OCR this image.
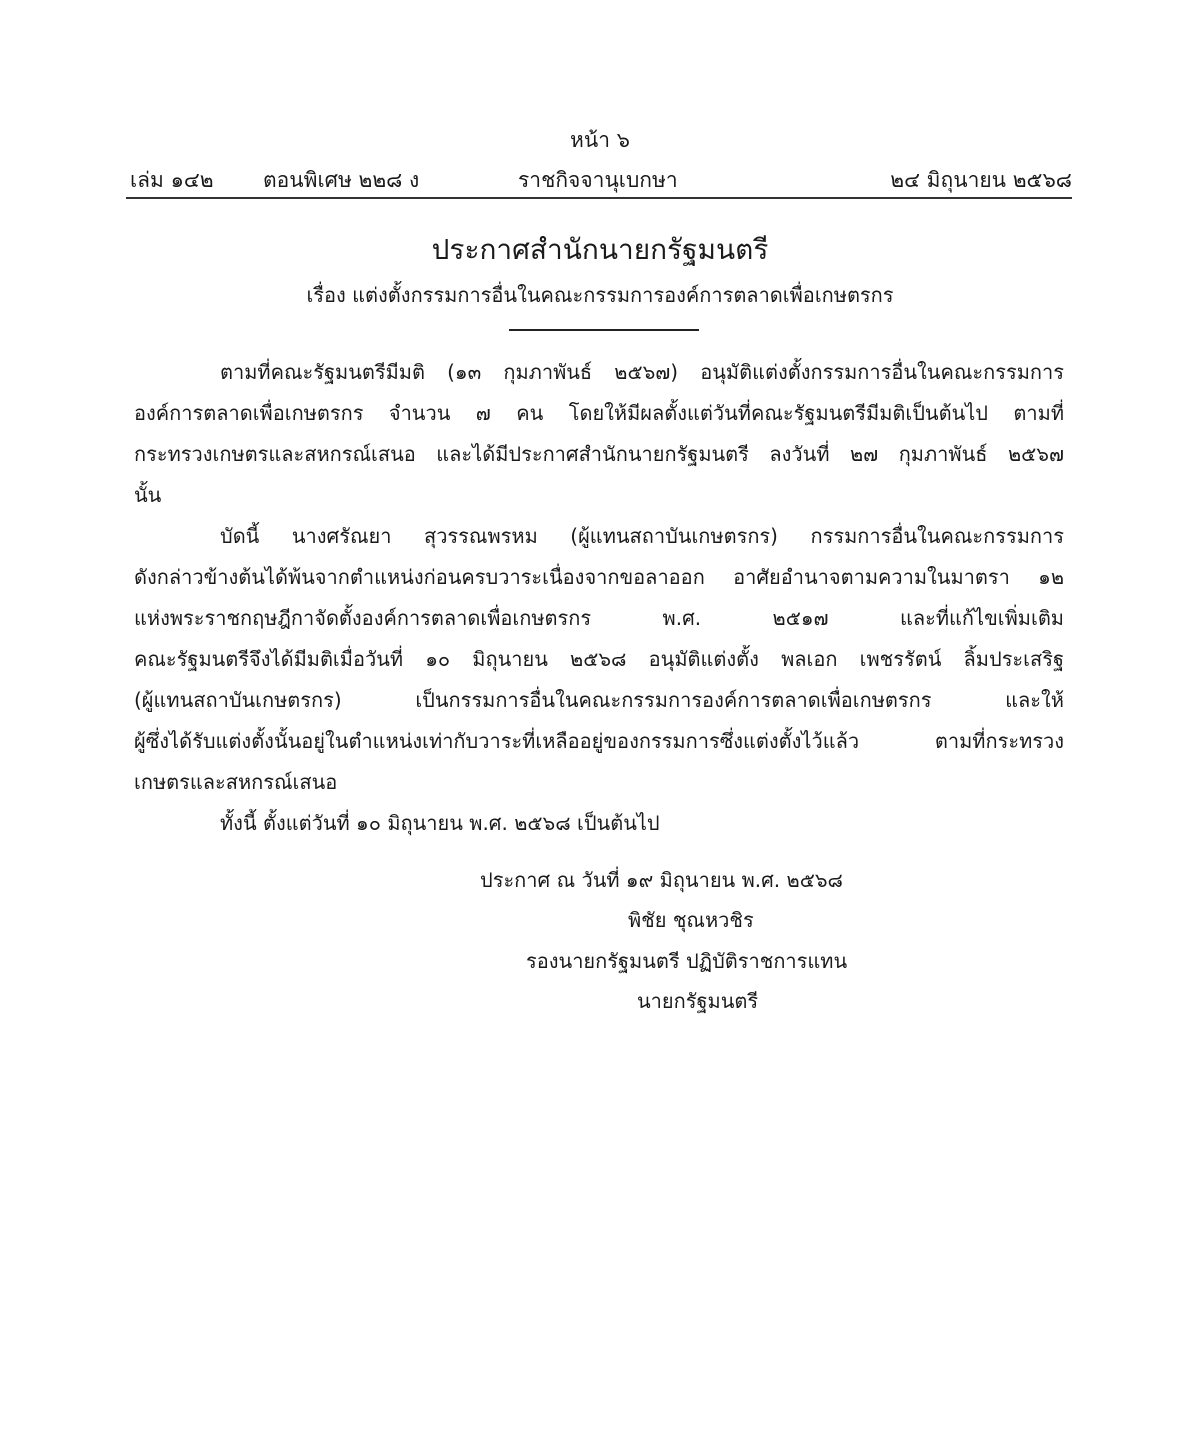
หน้า ๖
เล่ม ๑๔๒ ตอนพิเศษ ๒๒๘ ง	ราชกิจจานุเบกษา	๒๔ มิถุนายน ๒๕๖๘
ประกาศสำนักนายกรัฐมนตรี
เรื่อง แต่งตั้งกรรมการอื่นในคณะกรรมการองค์การตลาดเพื่อเกษตรกร
ตามที่คณะรัฐมนตรีมีมติ (๑๓ กุมภาพันธ์ ๒๕๖๗) อนุมัติแต่งตั้งกรรมการอื่นในคณะกรรมการ
องค์การตลาดเพื่อเกษตรกร จำนวน ๗ คน โดยให้มีผลตั้งแต่วันที่คณะรัฐมนตรีมีมติเป็นต้นไป ตามที่
กระทรวงเกษตรและสหกรณ์เสนอ และได้มีประกาศสำนักนายกรัฐมนตรี ลงวันที่ ๒๗ กุมภาพันธ์ ๒๕๖๗
นั้น
บัดนี้ นางศรัณยา สุวรรณพรหม (ผู้แทนสถาบันเกษตรกร) กรรมการอื่นในคณะกรรมการ
ดังกล่าวข้างต้นได้พ้นจากตำแหน่งก่อนครบวาระเนื่องจากขอลาออก อาศัยอำนาจตามความในมาตรา ๑๒
แห่งพระราชกฤษฎีกาจัดตั้งองค์การตลาดเพื่อเกษตรกร พ.ศ. ๒๕๑๗ และที่แก้ไขเพิ่มเติม
คณะรัฐมนตรีจึงได้มีมติเมื่อวันที่ ๑๐ มิถุนายน ๒๕๖๘ อนุมัติแต่งตั้ง พลเอก เพชรรัตน์ ลิ้มประเสริฐ
(ผู้แทนสถาบันเกษตรกร) เป็นกรรมการอื่นในคณะกรรมการองค์การตลาดเพื่อเกษตรกร และให้
ผู้ซึ่งได้รับแต่งตั้งนั้นอยู่ในตำแหน่งเท่ากับวาระที่เหลืออยู่ของกรรมการซึ่งแต่งตั้งไว้แล้ว ตามที่กระทรวง
เกษตรและสหกรณ์เสนอ
ทั้งนี้ ตั้งแต่วันที่ ๑๐ มิถุนายน พ.ศ. ๒๕๖๘ เป็นต้นไป
ประกาศ ณ วันที่ ๑๙ มิถุนายน พ.ศ. ๒๕๖๘
พิชัย ชุณหวชิร
รองนายกรัฐมนตรี ปฏิบัติราชการแทน
นายกรัฐมนตรี
